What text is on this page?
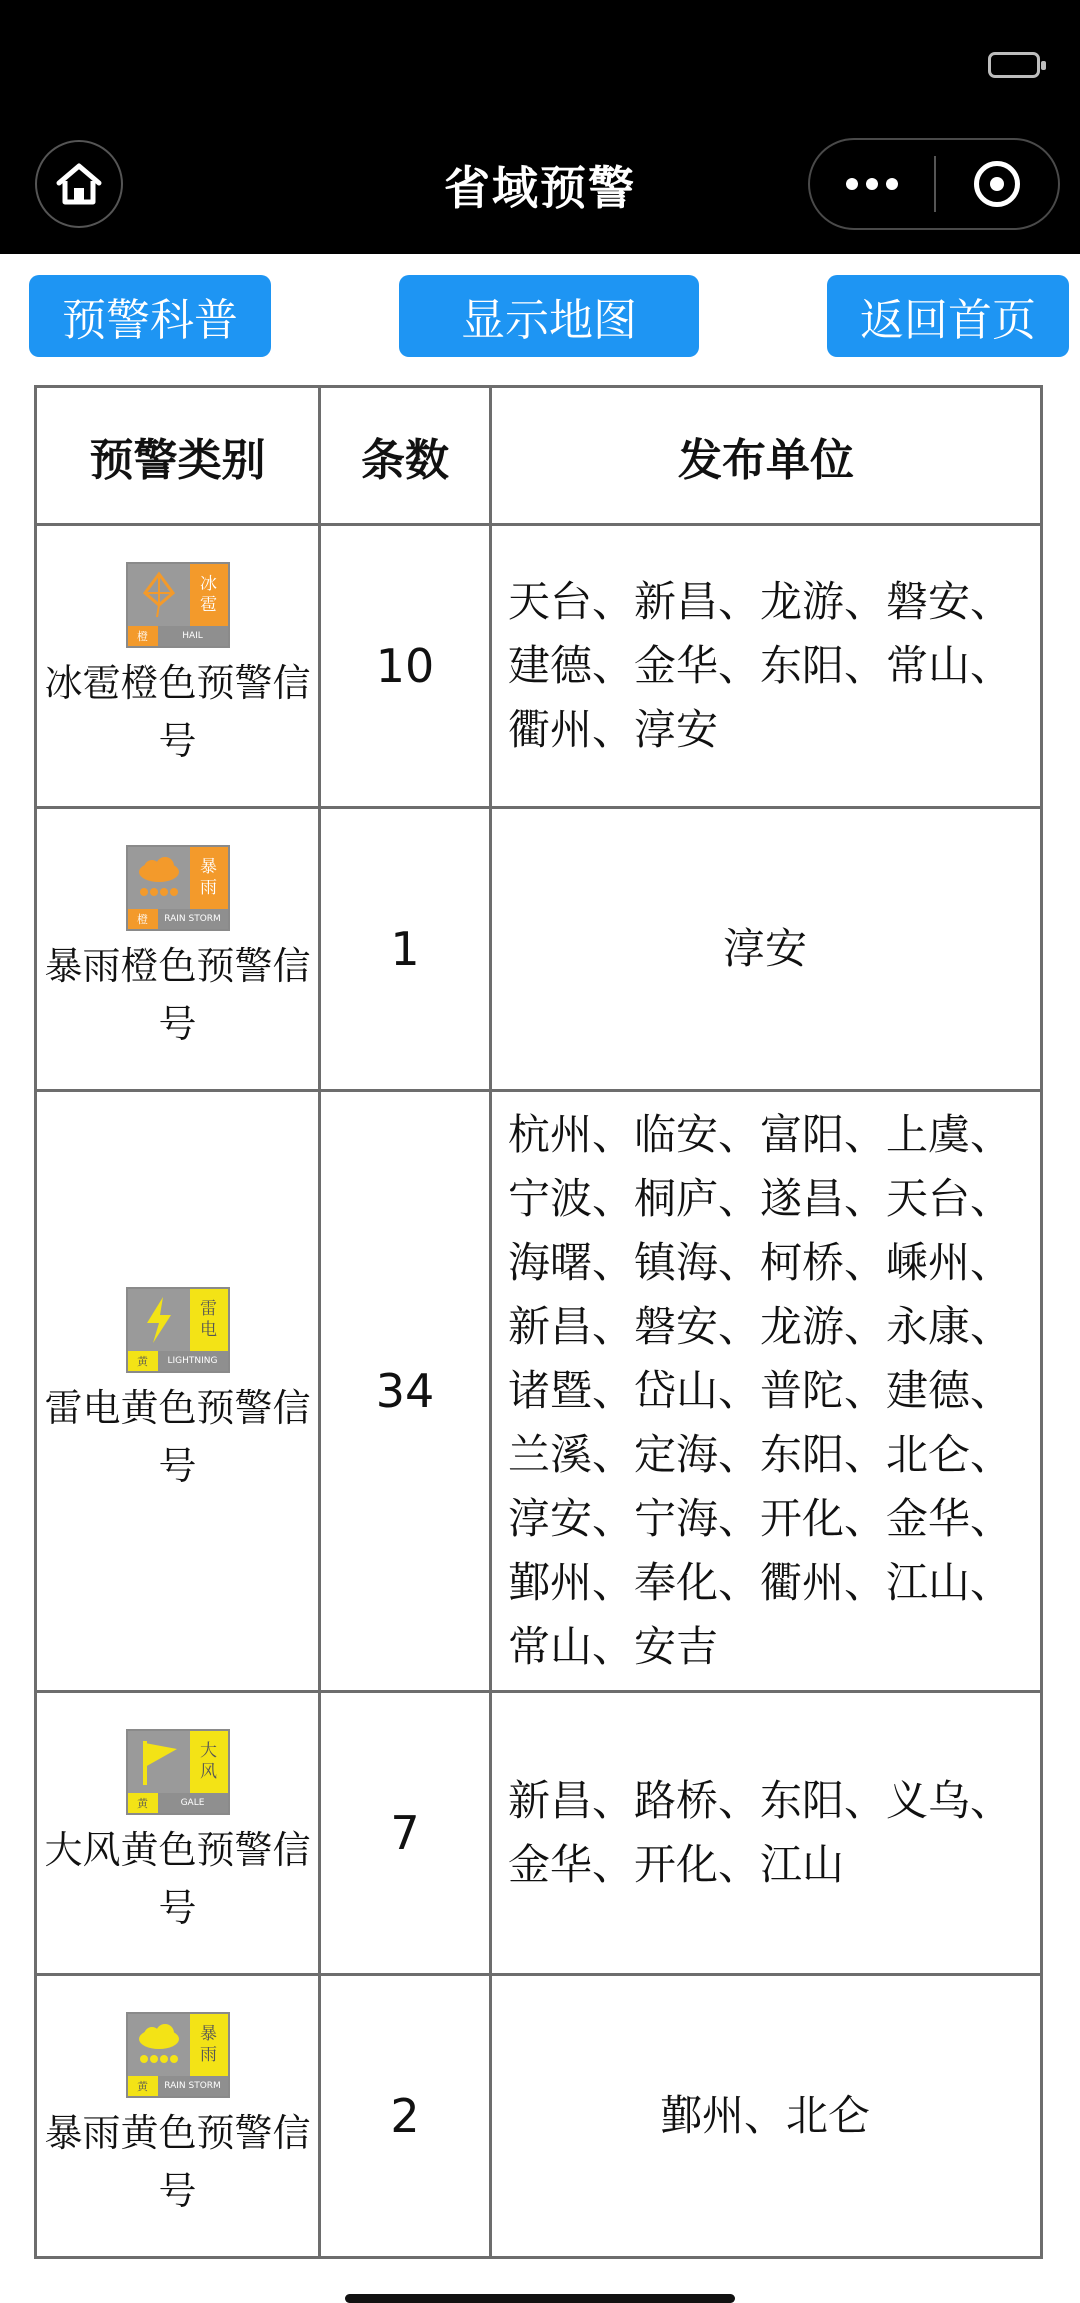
省域预警
预警科普	显示地图	返回首页
预警类别	条数	发布单位

冰
雹
橙 HAIL
冰雹橙色预警信号	10	天台、新昌、龙游、磐安、建德、金华、东阳、常山、衢州、淳安

暴
雨
橙 RAIN STORM
暴雨橙色预警信号	1	淳安

雷
电
黄 LIGHTNING
雷电黄色预警信号	34	杭州、临安、富阳、上虞、宁波、桐庐、遂昌、天台、海曙、镇海、柯桥、嵊州、新昌、磐安、龙游、永康、诸暨、岱山、普陀、建德、兰溪、定海、东阳、北仑、淳安、宁海、开化、金华、鄞州、奉化、衢州、江山、常山、安吉

大
风
黄 GALE
大风黄色预警信号	7	新昌、路桥、东阳、义乌、金华、开化、江山

暴
雨
黄 RAIN STORM
暴雨黄色预警信号	2	鄞州、北仑
